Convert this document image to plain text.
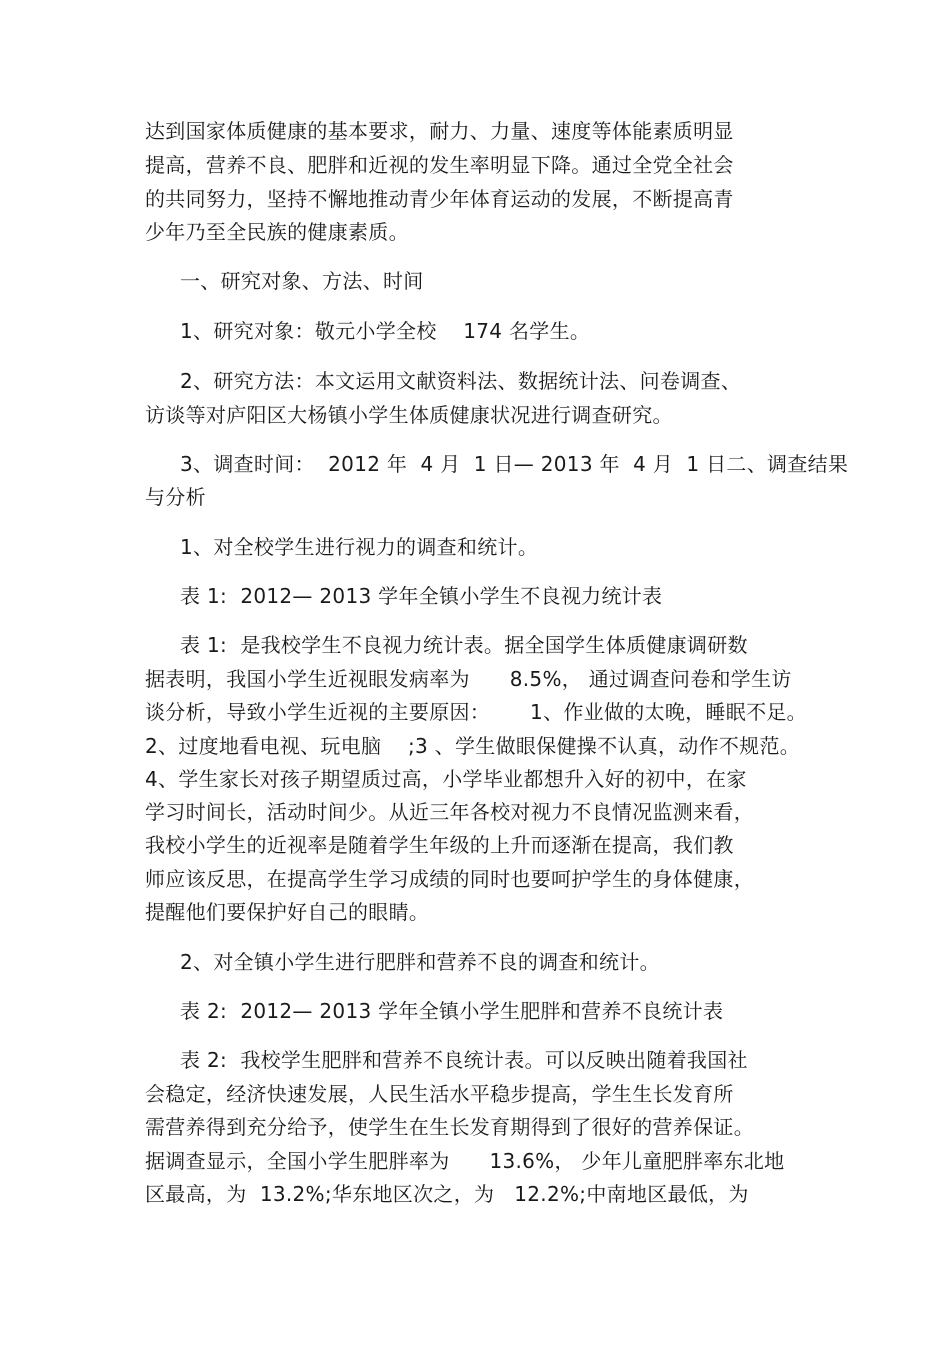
达到国家体质健康的基本要求，耐力、力量、速度等体能素质明显
提高，营养不良、肥胖和近视的发生率明显下降。通过全党全社会
的共同努力，坚持不懈地推动青少年体育运动的发展，不断提高青
少年乃至全民族的健康素质。
一、研究对象、方法、时间
1、研究对象：敬元小学全校    174 名学生。
2、研究方法：本文运用文献资料法、数据统计法、问卷调查、
访谈等对庐阳区大杨镇小学生体质健康状况进行调查研究。
3、调查时间：  2012 年  4 月  1 日— 2013 年  4 月  1 日二、调查结果
与分析
1、对全校学生进行视力的调查和统计。
表 1:  2012— 2013 学年全镇小学生不良视力统计表
表 1:  是我校学生不良视力统计表。据全国学生体质健康调研数
据表明，我国小学生近视眼发病率为      8.5%， 通过调查问卷和学生访
谈分析，导致小学生近视的主要原因：      1、作业做的太晚，睡眠不足。
2、过度地看电视、玩电脑    ;3 、学生做眼保健操不认真，动作不规范。
4、学生家长对孩子期望质过高，小学毕业都想升入好的初中，在家
学习时间长，活动时间少。从近三年各校对视力不良情况监测来看，
我校小学生的近视率是随着学生年级的上升而逐渐在提高，我们教
师应该反思，在提高学生学习成绩的同时也要呵护学生的身体健康，
提醒他们要保护好自己的眼睛。
2、对全镇小学生进行肥胖和营养不良的调查和统计。
表 2:  2012— 2013 学年全镇小学生肥胖和营养不良统计表
表 2:  我校学生肥胖和营养不良统计表。可以反映出随着我国社
会稳定，经济快速发展，人民生活水平稳步提高，学生生长发育所
需营养得到充分给予，使学生在生长发育期得到了很好的营养保证。
据调查显示，全国小学生肥胖率为      13.6%， 少年儿童肥胖率东北地
区最高，为  13.2%;华东地区次之，为   12.2%;中南地区最低，为
